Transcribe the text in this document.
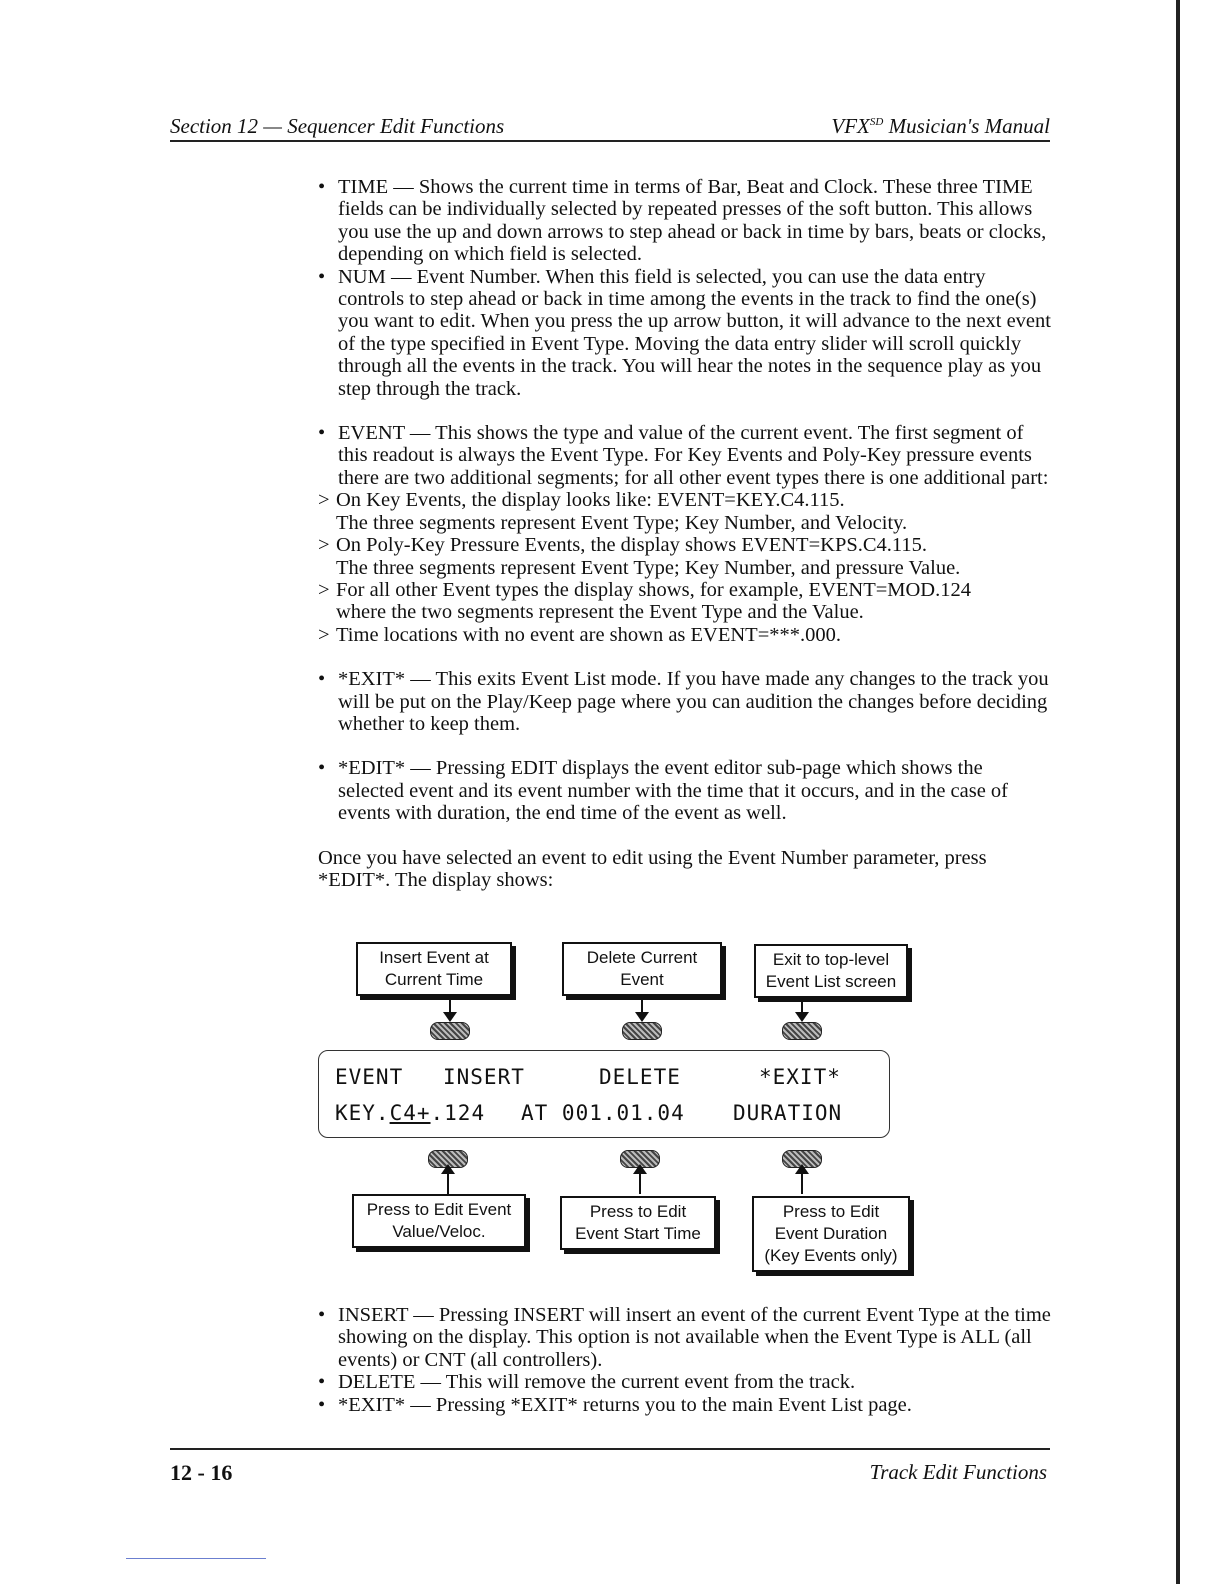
Section 12 — Sequencer Edit Functions	$VFX^{SD}$ Musician's Manual
• TIME — Shows the current time in terms of Bar, Beat and Clock. These three TIME fields can be individually selected by repeated presses of the soft button. This allows you use the up and down arrows to step ahead or back in time by bars, beats or clocks, depending on which field is selected.
• NUM — Event Number. When this field is selected, you can use the data entry controls to step ahead or back in time among the events in the track to find the one(s) you want to edit. When you press the up arrow button, it will advance to the next event of the type specified in Event Type. Moving the data entry slider will scroll quickly through all the events in the track. You will hear the notes in the sequence play as you step through the track.
• EVENT — This shows the type and value of the current event. The first segment of this readout is always the Event Type. For Key Events and Poly-Key pressure events there are two additional segments; for all other event types there is one additional part:
> On Key Events, the display looks like: EVENT=KEY.C4.115.
The three segments represent Event Type; Key Number, and Velocity.
> On Poly-Key Pressure Events, the display shows EVENT=KPS.C4.115.
The three segments represent Event Type; Key Number, and pressure Value.
> For all other Event types the display shows, for example, EVENT=MOD.124
where the two segments represent the Event Type and the Value.
> Time locations with no event are shown as EVENT=***.000.
• *EXIT* — This exits Event List mode. If you have made any changes to the track you will be put on the Play/Keep page where you can audition the changes before deciding whether to keep them.
• *EDIT* — Pressing EDIT displays the event editor sub-page which shows the selected event and its event number with the time that it occurs, and in the case of events with duration, the end time of the event as well.

Once you have selected an event to edit using the Event Number parameter, press *EDIT*. The display shows:

Insert Event at
Current Time
Delete Current
Event
Exit to top-level
Event List screen
EVENT INSERT	DELETE	*EXIT*
KEY.C4+.124 AT 001.01.04 DURATION
Press to Edit Event
Value/Veloc.
Press to Edit
Event Start Time
Press to Edit
Event Duration
(Key Events only)
• INSERT — Pressing INSERT will insert an event of the current Event Type at the time showing on the display. This option is not available when the Event Type is ALL (all events) or CNT (all controllers).
• DELETE — This will remove the current event from the track.
• *EXIT* — Pressing *EXIT* returns you to the main Event List page.
12 - 16	Track Edit Functions
